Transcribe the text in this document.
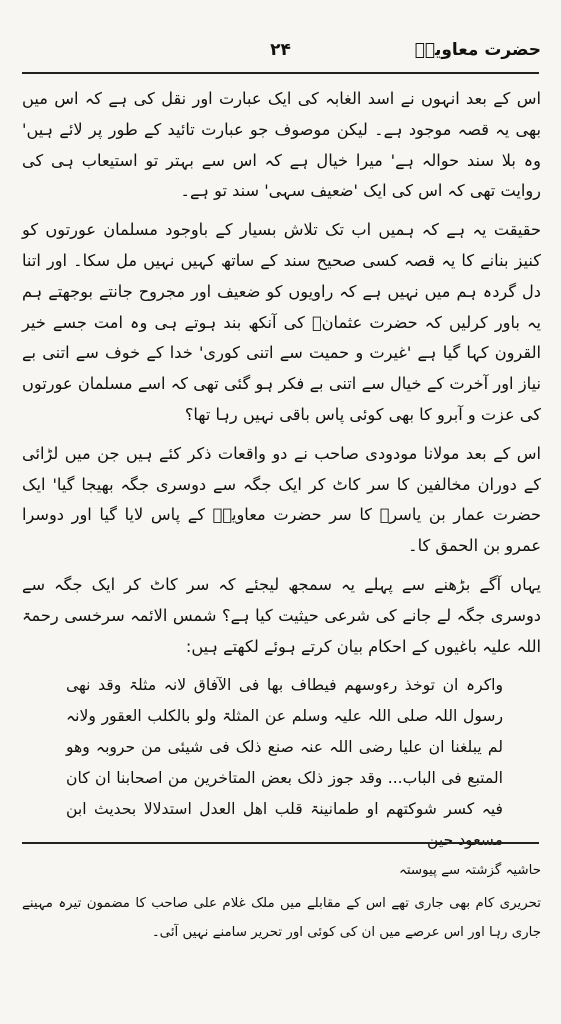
حضرت معاویہؓ
۲۴

اس کے بعد انہوں نے اسد الغابہ کی ایک عبارت اور نقل کی ہے کہ اس میں بھی یہ قصہ موجود ہے۔ لیکن موصوف جو عبارت تائید کے طور پر لائے ہیں' وہ بلا سند حوالہ ہے' میرا خیال ہے کہ اس سے بہتر تو استیعاب ہی کی روایت تھی کہ اس کی ایک 'ضعیف سہی' سند تو ہے۔

حقیقت یہ ہے کہ ہمیں اب تک تلاش بسیار کے باوجود مسلمان عورتوں کو کنیز بنانے کا یہ قصہ کسی صحیح سند کے ساتھ کہیں نہیں مل سکا۔ اور اتنا دل گردہ ہم میں نہیں ہے کہ راویوں کو ضعیف اور مجروح جانتے بوجھتے ہم یہ باور کرلیں کہ حضرت عثمانؓ کی آنکھ بند ہوتے ہی وہ امت جسے خیر القرون کہا گیا ہے 'غیرت و حمیت سے اتنی کوری' خدا کے خوف سے اتنی بے نیاز اور آخرت کے خیال سے اتنی بے فکر ہو گئی تھی کہ اسے مسلمان عورتوں کی عزت و آبرو کا بھی کوئی پاس باقی نہیں رہا تھا؟

اس کے بعد مولانا مودودی صاحب نے دو واقعات ذکر کئے ہیں جن میں لڑائی کے دوران مخالفین کا سر کاٹ کر ایک جگہ سے دوسری جگہ بھیجا گیا' ایک حضرت عمار بن یاسرؓ کا سر حضرت معاویہؓ کے پاس لایا گیا اور دوسرا عمرو بن الحمق کا۔

یہاں آگے بڑھنے سے پہلے یہ سمجھ لیجئے کہ سر کاٹ کر ایک جگہ سے دوسری جگہ لے جانے کی شرعی حیثیت کیا ہے؟ شمس الائمہ سرخسی رحمۃ اللہ علیہ باغیوں کے احکام بیان کرتے ہوئے لکھتے ہیں:

واکرہ ان توخذ رءوسھم فیطاف بھا فی الآفاق لانہ مثلۃ وقد نھی رسول اللہ صلی اللہ علیہ وسلم عن المثلۃ ولو بالکلب العقور ولانہ لم یبلغنا ان علیا رضی اللہ عنہ صنع ذلک فی شیئی من حروبہ وھو المتبع فی الباب... وقد جوز ذلک بعض المتاخرین من اصحابنا ان کان فیہ کسر شوکتھم او طمانینۃ قلب اھل العدل استدلالا بحدیث ابن مسعود حین
حاشیہ گزشتہ سے پیوستہ

تحریری کام بھی جاری تھے اس کے مقابلے میں ملک غلام علی صاحب کا مضمون تیرہ مہینے جاری رہا اور اس عرصے میں ان کی کوئی اور تحریر سامنے نہیں آئی۔
